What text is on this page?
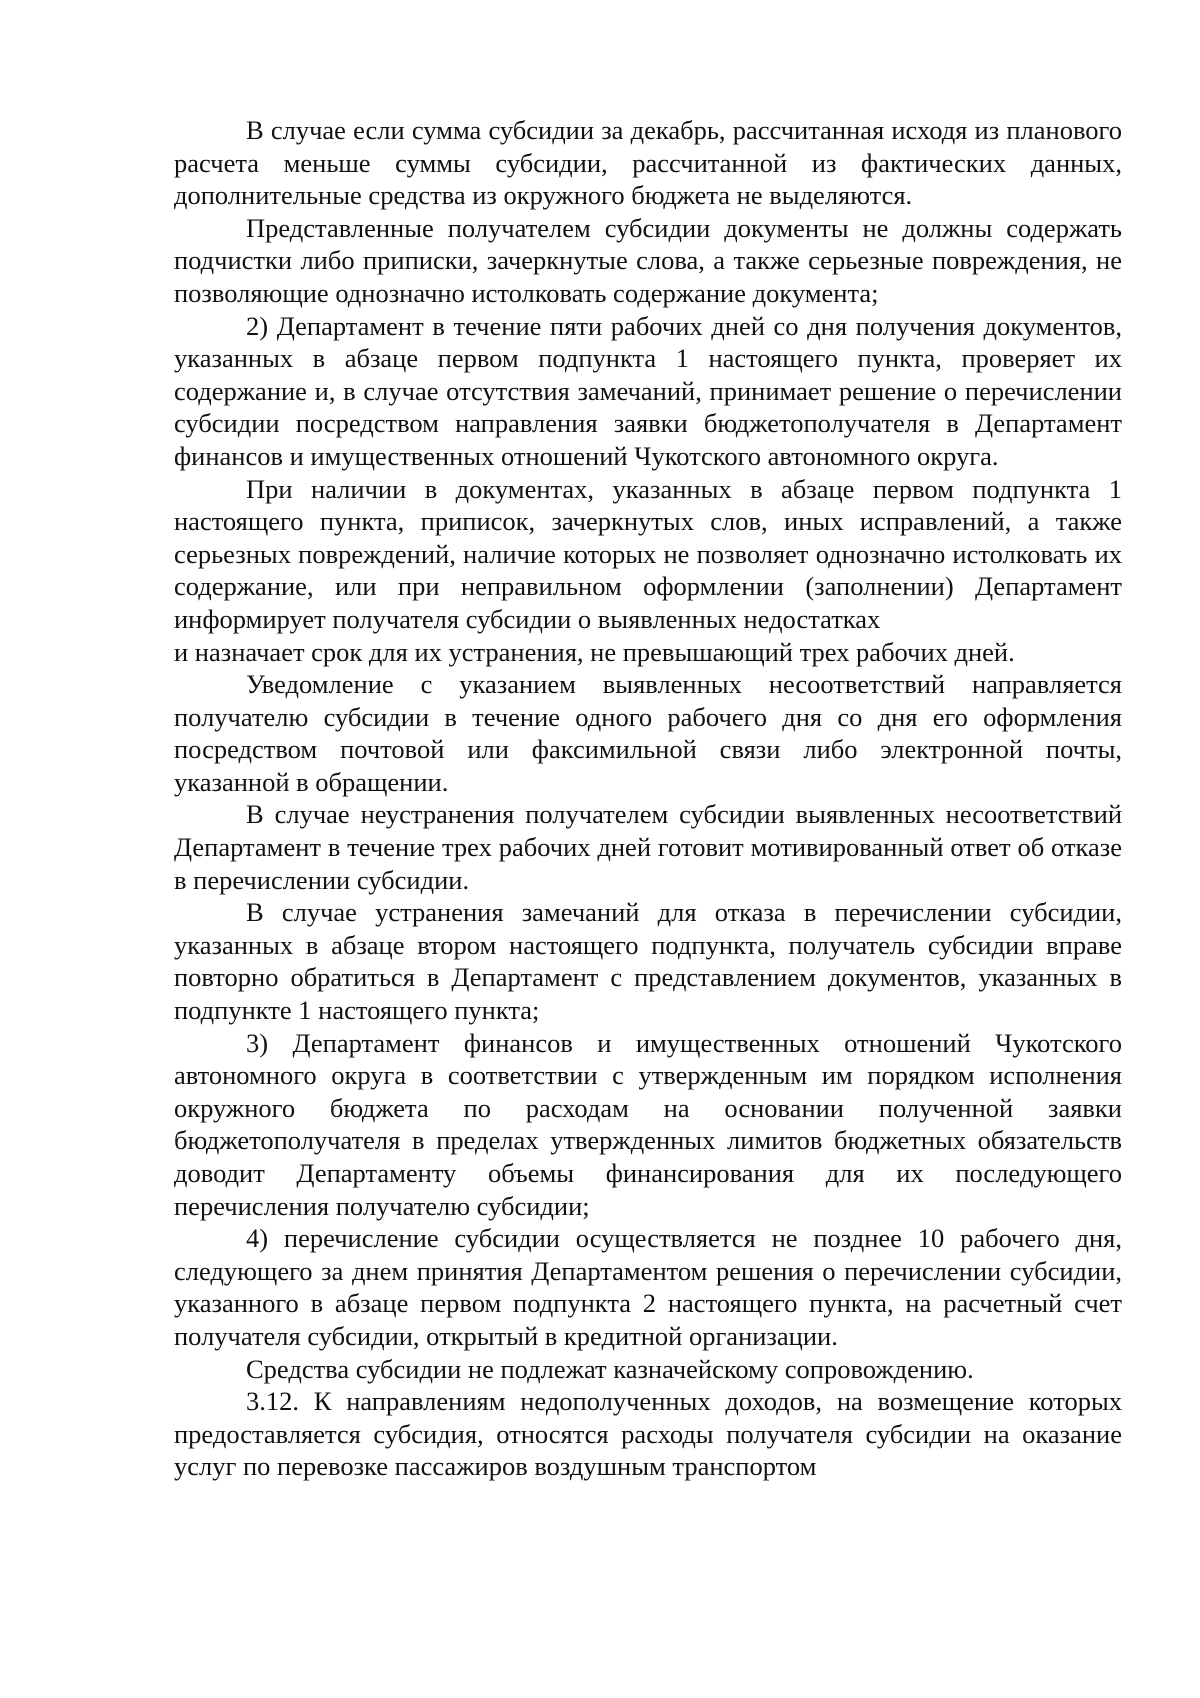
В случае если сумма субсидии за декабрь, рассчитанная исходя из планового расчета меньше суммы субсидии, рассчитанной из фактических данных, дополнительные средства из окружного бюджета не выделяются.

Представленные получателем субсидии документы не должны содержать подчистки либо приписки, зачеркнутые слова, а также серьезные повреждения, не позволяющие однозначно истолковать содержание документа;

2) Департамент в течение пяти рабочих дней со дня получения документов, указанных в абзаце первом подпункта 1 настоящего пункта, проверяет их содержание и, в случае отсутствия замечаний, принимает решение о перечислении субсидии посредством направления заявки бюджетополучателя в Департамент финансов и имущественных отношений Чукотского автономного округа.

При наличии в документах, указанных в абзаце первом подпункта 1 настоящего пункта, приписок, зачеркнутых слов, иных исправлений, а также серьезных повреждений, наличие которых не позволяет однозначно истолковать их содержание, или при неправильном оформлении (заполнении) Департамент информирует получателя субсидии о выявленных недостатках

и назначает срок для их устранения, не превышающий трех рабочих дней.

Уведомление с указанием выявленных несоответствий направляется получателю субсидии в течение одного рабочего дня со дня его оформления посредством почтовой или факсимильной связи либо электронной почты, указанной в обращении.

В случае неустранения получателем субсидии выявленных несоответствий Департамент в течение трех рабочих дней готовит мотивированный ответ об отказе в перечислении субсидии.

В случае устранения замечаний для отказа в перечислении субсидии, указанных в абзаце втором настоящего подпункта, получатель субсидии вправе повторно обратиться в Департамент с представлением документов, указанных в подпункте 1 настоящего пункта;

3) Департамент финансов и имущественных отношений Чукотского автономного округа в соответствии с утвержденным им порядком исполнения окружного бюджета по расходам на основании полученной заявки бюджетополучателя в пределах утвержденных лимитов бюджетных обязательств доводит Департаменту объемы финансирования для их последующего перечисления получателю субсидии;

4) перечисление субсидии осуществляется не позднее 10 рабочего дня, следующего за днем принятия Департаментом решения о перечислении субсидии, указанного в абзаце первом подпункта 2 настоящего пункта, на расчетный счет получателя субсидии, открытый в кредитной организации.

Средства субсидии не подлежат казначейскому сопровождению.

3.12. К направлениям недополученных доходов, на возмещение которых предоставляется субсидия, относятся расходы получателя субсидии на оказание услуг по перевозке пассажиров воздушным транспортом
